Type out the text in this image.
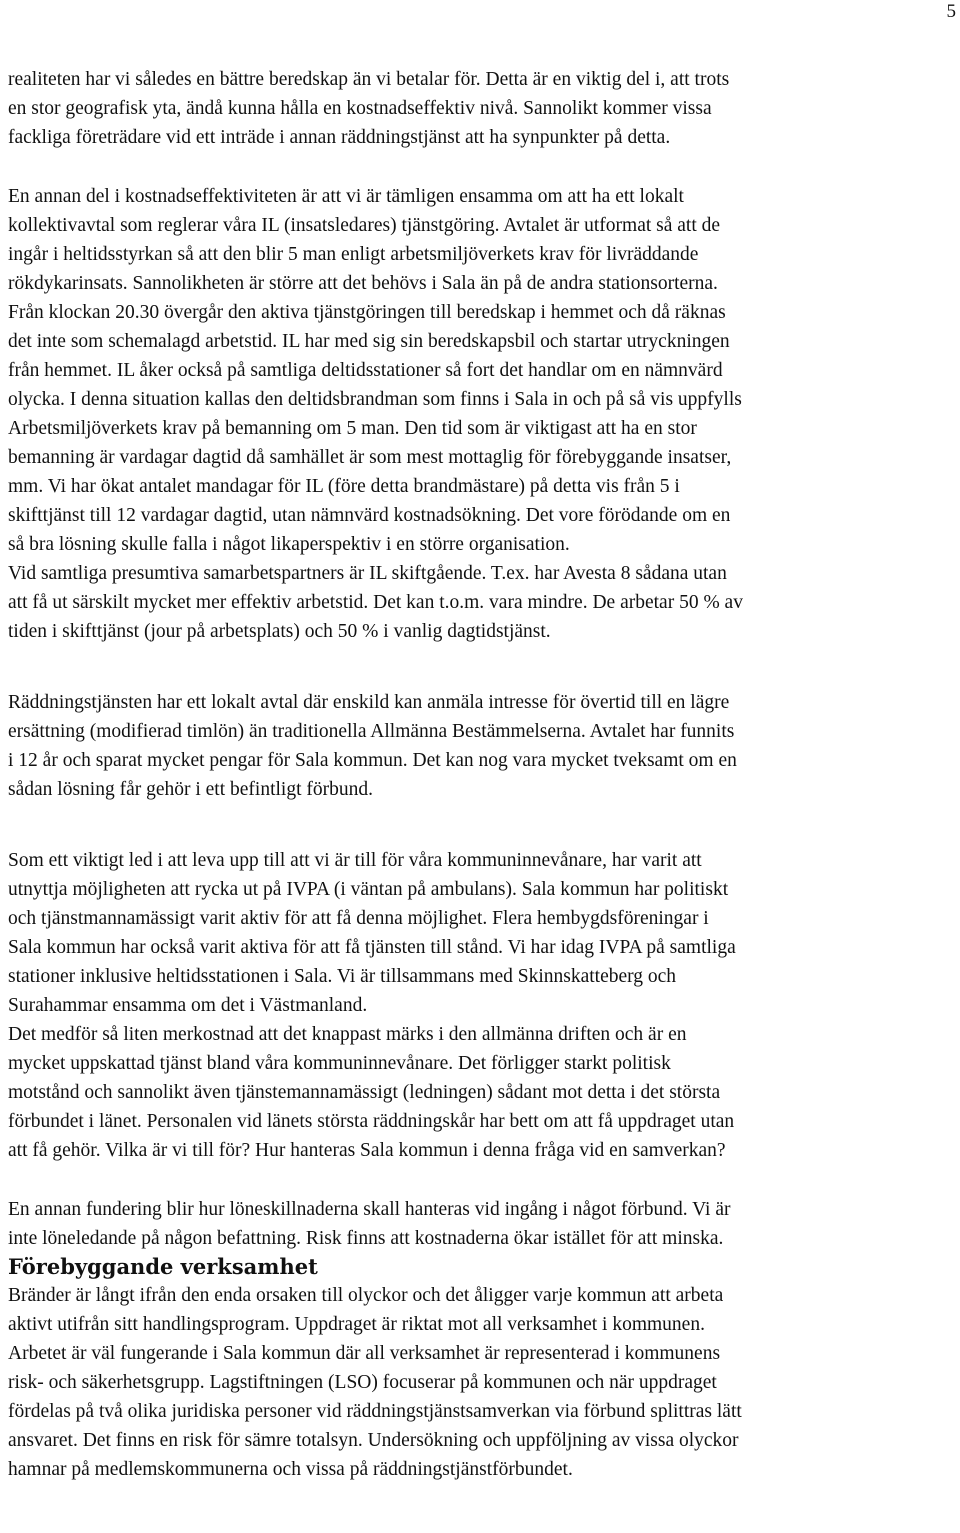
5

realiteten har vi således en bättre beredskap än vi betalar för. Detta är en viktig del i, att trots
en stor geografisk yta, ändå kunna hålla en kostnadseffektiv nivå. Sannolikt kommer vissa
fackliga företrädare vid ett inträde i annan räddningstjänst att ha synpunkter på detta.

En annan del i kostnadseffektiviteten är att vi är tämligen ensamma om att ha ett lokalt
kollektivavtal som reglerar våra IL (insatsledares) tjänstgöring. Avtalet är utformat så att de
ingår i heltidsstyrkan så att den blir 5 man enligt arbetsmiljöverkets krav för livräddande
rökdykarinsats. Sannolikheten är större att det behövs i Sala än på de andra stationsorterna.
Från klockan 20.30 övergår den aktiva tjänstgöringen till beredskap i hemmet och då räknas
det inte som schemalagd arbetstid. IL har med sig sin beredskapsbil och startar utryckningen
från hemmet. IL åker också på samtliga deltidsstationer så fort det handlar om en nämnvärd
olycka. I denna situation kallas den deltidsbrandman som finns i Sala in och på så vis uppfylls
Arbetsmiljöverkets krav på bemanning om 5 man. Den tid som är viktigast att ha en stor
bemanning är vardagar dagtid då samhället är som mest mottaglig för förebyggande insatser,
mm. Vi har ökat antalet mandagar för IL (före detta brandmästare) på detta vis från 5 i
skifttjänst till 12 vardagar dagtid, utan nämnvärd kostnadsökning. Det vore förödande om en
så bra lösning skulle falla i något likaperspektiv i en större organisation.
Vid samtliga presumtiva samarbetspartners är IL skiftgående. T.ex. har Avesta 8 sådana utan
att få ut särskilt mycket mer effektiv arbetstid. Det kan t.o.m. vara mindre. De arbetar 50 % av
tiden i skifttjänst (jour på arbetsplats) och 50 % i vanlig dagtidstjänst.

Räddningstjänsten har ett lokalt avtal där enskild kan anmäla intresse för övertid till en lägre
ersättning (modifierad timlön) än traditionella Allmänna Bestämmelserna. Avtalet har funnits
i 12 år och sparat mycket pengar för Sala kommun. Det kan nog vara mycket tveksamt om en
sådan lösning får gehör i ett befintligt förbund.

Som ett viktigt led i att leva upp till att vi är till för våra kommuninnevånare, har varit att
utnyttja möjligheten att rycka ut på IVPA (i väntan på ambulans). Sala kommun har politiskt
och tjänstmannamässigt varit aktiv för att få denna möjlighet. Flera hembygdsföreningar i
Sala kommun har också varit aktiva för att få tjänsten till stånd. Vi har idag IVPA på samtliga
stationer inklusive heltidsstationen i Sala. Vi är tillsammans med Skinnskatteberg och
Surahammar ensamma om det i Västmanland.
Det medför så liten merkostnad att det knappast märks i den allmänna driften och är en
mycket uppskattad tjänst bland våra kommuninnevånare. Det förligger starkt politisk
motstånd och sannolikt även tjänstemannamässigt (ledningen) sådant mot detta i det största
förbundet i länet. Personalen vid länets största räddningskår har bett om att få uppdraget utan
att få gehör. Vilka är vi till för? Hur hanteras Sala kommun i denna fråga vid en samverkan?

En annan fundering blir hur löneskillnaderna skall hanteras vid ingång i något förbund. Vi är
inte löneledande på någon befattning. Risk finns att kostnaderna ökar istället för att minska.

Förebyggande verksamhet

Bränder är långt ifrån den enda orsaken till olyckor och det åligger varje kommun att arbeta
aktivt utifrån sitt handlingsprogram. Uppdraget är riktat mot all verksamhet i kommunen.
Arbetet är väl fungerande i Sala kommun där all verksamhet är representerad i kommunens
risk- och säkerhetsgrupp. Lagstiftningen (LSO) focuserar på kommunen och när uppdraget
fördelas på två olika juridiska personer vid räddningstjänstsamverkan via förbund splittras lätt
ansvaret. Det finns en risk för sämre totalsyn. Undersökning och uppföljning av vissa olyckor
hamnar på medlemskommunerna och vissa på räddningstjänstförbundet.
